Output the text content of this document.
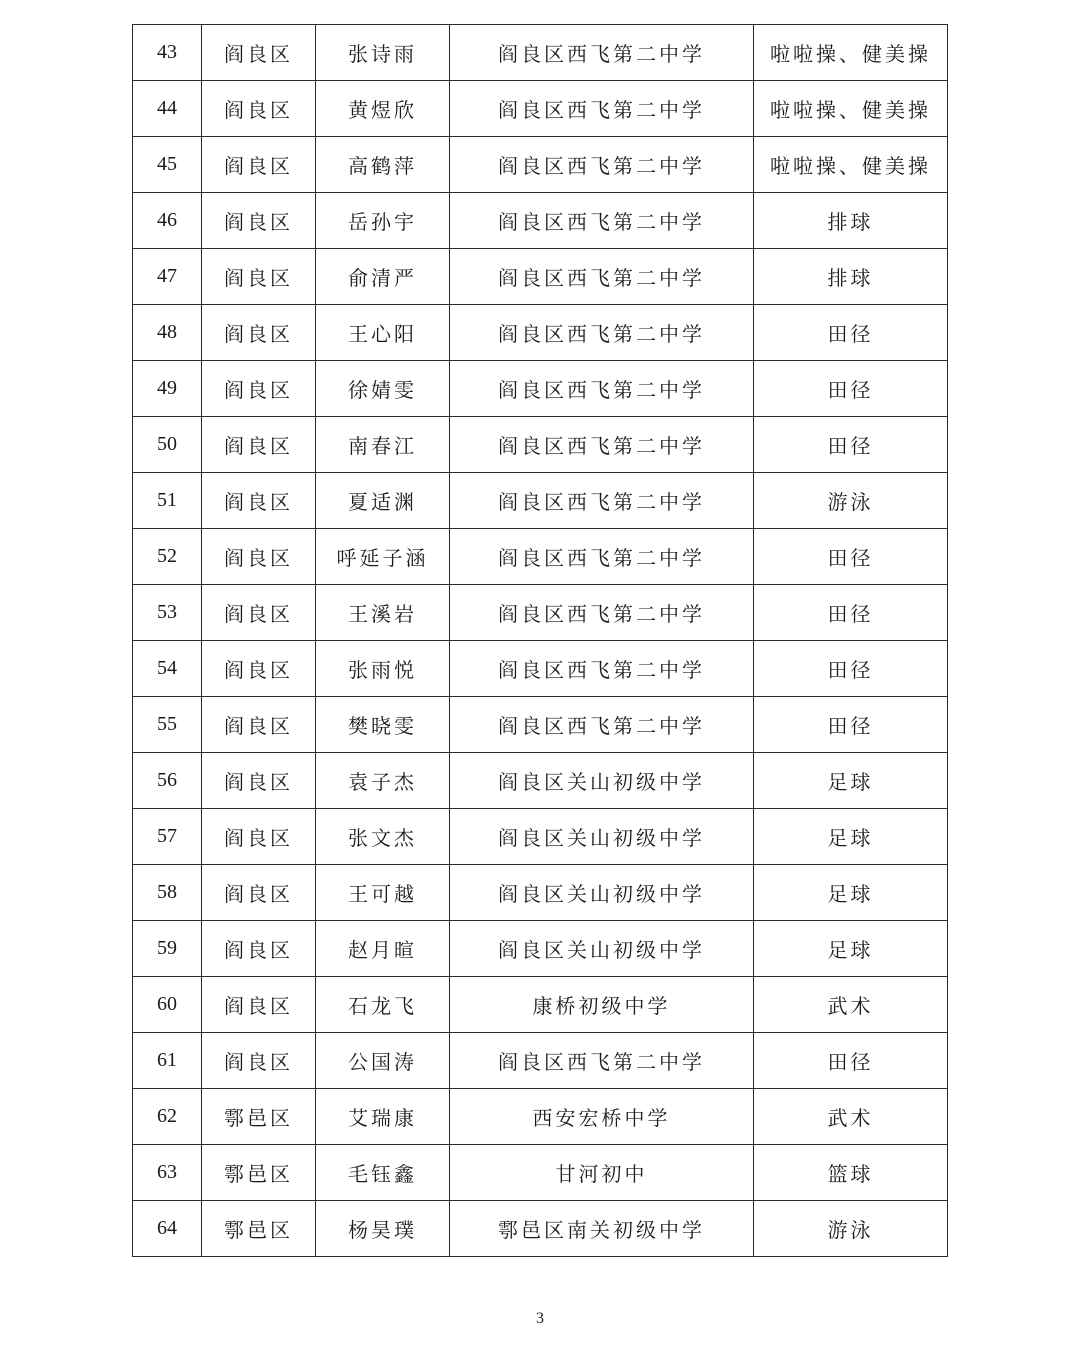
43	阎良区	张诗雨	阎良区西飞第二中学	啦啦操、健美操
44	阎良区	黄煜欣	阎良区西飞第二中学	啦啦操、健美操
45	阎良区	高鹤萍	阎良区西飞第二中学	啦啦操、健美操
46	阎良区	岳孙宇	阎良区西飞第二中学	排球
47	阎良区	俞清严	阎良区西飞第二中学	排球
48	阎良区	王心阳	阎良区西飞第二中学	田径
49	阎良区	徐婧雯	阎良区西飞第二中学	田径
50	阎良区	南春江	阎良区西飞第二中学	田径
51	阎良区	夏适渊	阎良区西飞第二中学	游泳
52	阎良区	呼延子涵	阎良区西飞第二中学	田径
53	阎良区	王溪岩	阎良区西飞第二中学	田径
54	阎良区	张雨悦	阎良区西飞第二中学	田径
55	阎良区	樊晓雯	阎良区西飞第二中学	田径
56	阎良区	袁子杰	阎良区关山初级中学	足球
57	阎良区	张文杰	阎良区关山初级中学	足球
58	阎良区	王可越	阎良区关山初级中学	足球
59	阎良区	赵月暄	阎良区关山初级中学	足球
60	阎良区	石龙飞	康桥初级中学	武术
61	阎良区	公国涛	阎良区西飞第二中学	田径
62	鄠邑区	艾瑞康	西安宏桥中学	武术
63	鄠邑区	毛钰鑫	甘河初中	篮球
64	鄠邑区	杨昊璞	鄠邑区南关初级中学	游泳
3
